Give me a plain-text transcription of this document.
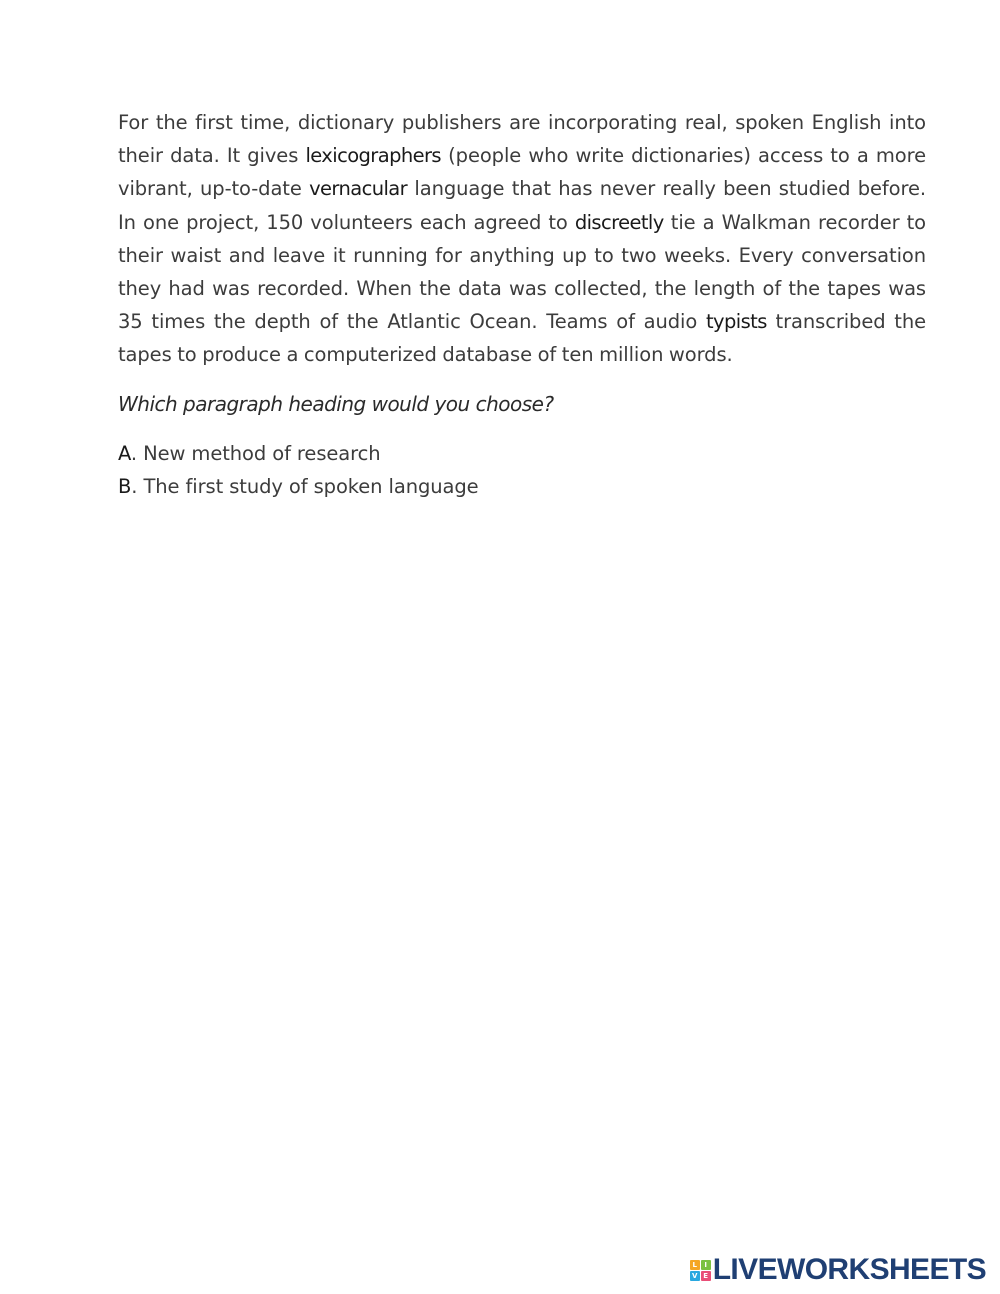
For the first time, dictionary publishers are incorporating real, spoken English into their data. It gives lexicographers (people who write dictionaries) access to a more vibrant, up-to-date vernacular language that has never really been studied before. In one project, 150 volunteers each agreed to discreetly tie a Walkman recorder to their waist and leave it running for anything up to two weeks. Every conversation they had was recorded. When the data was collected, the length of the tapes was 35 times the depth of the Atlantic Ocean. Teams of audio typists transcribed the tapes to produce a computerized database of ten million words.

Which paragraph heading would you choose?

A. New method of research
B. The first study of spoken language
L	I
V E LIVEWORKSHEETS
